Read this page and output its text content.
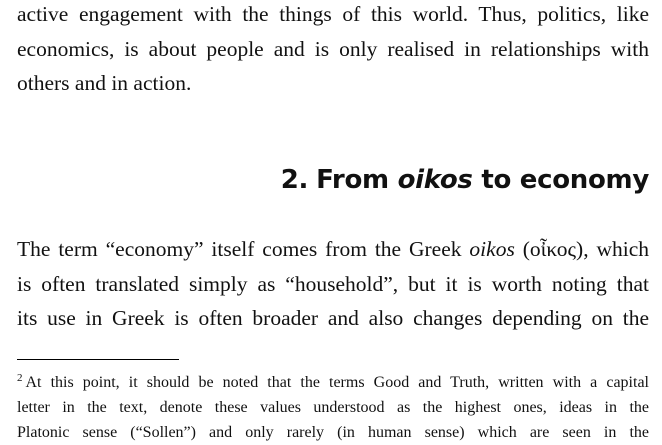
active engagement with the things of this world. Thus, politics, like
economics, is about people and is only realised in relationships with
others and in action.
2. From oikos to economy
The term “economy” itself comes from the Greek oikos (οἶκος), which
is often translated simply as “household”, but it is worth noting that
its use in Greek is often broader and also changes depending on the
$^2$ At this point, it should be noted that the terms Good and Truth, written with a capital
letter in the text, denote these values understood as the highest ones, ideas in the
Platonic sense (“Sollen”) and only rarely (in human sense) which are seen in the
